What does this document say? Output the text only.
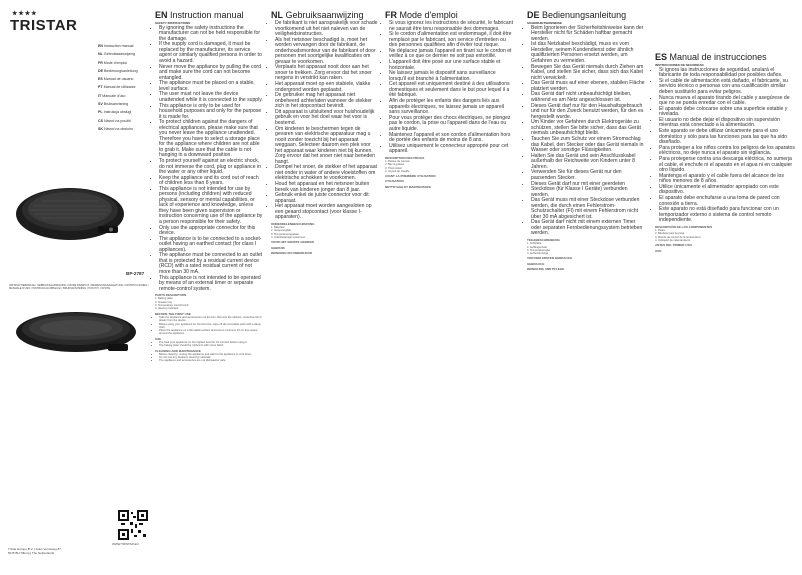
★★★★
TRISTAR
EN Instruction manual
NL Gebruiksaanwijzing
FR Mode d'emploi
DE Bedienungsanleitung
ES Manual de usuario
PT Manual de utilizador
IT Manuale d'uso
SV Bruksanvisning
PL Instrukcja obsługi
CS Návod na použití
SK Návod na obsluhu
BP-2787
INSTRUCTIEBOEKJE / GEBRUIKSAANWIJZING / MODE D'EMPLOI / BEDIENUNGSANLEITUNG / INSTRUCCIONES / MANUALE D'USO / INSTRUKCJA OBSŁUGI / BRUKSANVISNING / POKYNY / UPUTE
WWW.TRISTAR.EU
Tristar Europe B.V. | Jules Verneweg 87
5015 BH Tilburg | The Netherlands
EN Instruction manual
SAFETY INSTRUCTIONS
• By ignoring the safety instructions the manufacturer can not be held responsible for the damage.
• If the supply cord is damaged, it must be replaced by the manufacturer, its service agent or similarly qualified persons in order to avoid a hazard.
• Never move the appliance by pulling the cord and make sure the cord can not become entangled.
• The appliance must be placed on a stable, level surface.
• The user must not leave the device unattended while it is connected to the supply.
• This appliance is only to be used for household purposes and only for the purpose it is made for.
• To protect children against the dangers of electrical appliances, please make sure that you never leave the appliance unattended. Therefore you have to select a storage place for the appliance where children are not able to grab it. Make sure that the cable is not hanging in a downward position.
• To protect yourself against an electric shock, do not immerse the cord, plug or appliance in the water or any other liquid.
• Keep the appliance and its cord out of reach of children less than 8 years.
• This appliance is not intended for use by persons (including children) with reduced physical, sensory or mental capabilities, or lack of experience and knowledge, unless they have been given supervision or instruction concerning use of the appliance by a person responsible for their safety.
• Only use the appropriate connector for this device.
• The appliance is to be connected to a socket-outlet having an earthed contact (for class I appliances).
• The appliance must be connected to an outlet that is protected by a residual current device (RCD) with a rated residual current of not more than 30 mA.
• This appliance is not intended to be operated by means of an external timer or separate remote-control system.
PARTS DESCRIPTION
1. Baking plate
2. Grease tray
3. Temperature control knob
4. Heat-up indicator
BEFORE THE FIRST USE
• Take the appliance and accessories out the box. Remove the stickers, protective foil or plastic from the device.
• Before using your appliance for the first time, wipe off all removable parts with a damp cloth.
• Place the appliance on a flat stable surface and ensure minimum 10 cm free space around the appliance.
USE
• Pre-heat your appliance on the highest level for 10 minutes before using it.
• The baking plate should be rubbed in with some fat/oil.
CLEANING AND MAINTENANCE
• Before cleaning, unplug the appliance and wait for the appliance to cool down.
• Do not use any abrasive cleaning materials.
• The appliance and accessories are not dishwasher safe.
NL Gebruiksaanwijzing
• De fabrikant is niet aansprakelijk voor schade voortkomend uit het niet naleven van de veiligheidsinstructies.
• Als het netsnoer beschadigd is, moet het worden vervangen door de fabrikant, de onderhoudsmonteur van de fabrikant of door personen met soortgelijke kwalificaties om gevaar te voorkomen.
• Verplaats het apparaat nooit door aan het snoer te trekken. Zorg ervoor dat het snoer nergens in verstrikt kan raken.
• Het apparaat moet op een stabiele, vlakke ondergrond worden geplaatst.
• De gebruiker mag het apparaat niet onbeheerd achterlaten wanneer de stekker zich in het stopcontact bevindt.
• Dit apparaat is uitsluitend voor huishoudelijk gebruik en voor het doel waar het voor is bestemd.
• Om kinderen te beschermen tegen de gevaren van elektrische apparatuur mag u nooit zonder toezicht bij het apparaat weggaan. Selecteer daarom een plek voor het apparaat waar kinderen niet bij kunnen. Zorg ervoor dat het snoer niet naar beneden hangt.
• Dompel het snoer, de stekker of het apparaat niet onder in water of andere vloeistoffen om elektrische schokken te voorkomen.
• Houd het apparaat en het netsnoer buiten bereik van kinderen jonger dan 8 jaar.
• Gebruik enkel de juiste connector voor dit apparaat.
• Het apparaat moet worden aangesloten op een geaard stopcontact (voor klasse I-apparaten).
ONDERDELENBESCHRIJVING
1. Bakplaat
2. Vetopvangbak
3. Temperatuurregelaar
4. Indicatielampje opwarmen
VOOR HET EERSTE GEBRUIK
GEBRUIK
REINIGING EN ONDERHOUD
FR Mode d'emploi
• Si vous ignorez les instructions de sécurité, le fabricant ne saurait être tenu responsable des dommages.
• Si le cordon d'alimentation est endommagé, il doit être remplacé par le fabricant, son service d'entretien ou des personnes qualifiées afin d'éviter tout risque.
• Ne déplacez jamais l'appareil en tirant sur le cordon et veillez à ce que ce dernier ne soit pas entortillé.
• L'appareil doit être posé sur une surface stable et horizontale.
• Ne laissez jamais le dispositif sans surveillance lorsqu'il est branché à l'alimentation.
• Cet appareil est uniquement destiné à des utilisations domestiques et seulement dans le but pour lequel il a été fabriqué.
• Afin de protéger les enfants des dangers liés aux appareils électriques, ne laissez jamais un appareil sans surveillance.
• Pour vous protéger des chocs électriques, ne plongez pas le cordon, la prise ou l'appareil dans de l'eau ou autre liquide.
• Maintenez l'appareil et son cordon d'alimentation hors de portée des enfants de moins de 8 ans.
• Utilisez uniquement le connecteur approprié pour cet appareil.
DESCRIPTION DES PIÈCES
1. Plaque de cuisson
2. Bac à graisse
3. Thermostat
4. Voyant de chauffe
AVANT LA PREMIÈRE UTILISATION
UTILISATION
NETTOYAGE ET MAINTENANCE
DE Bedienungsanleitung
SICHERHEITSHINWEISE
• Beim Ignorieren der Sicherheitshinweise kann der Hersteller nicht für Schäden haftbar gemacht werden.
• Ist das Netzkabel beschädigt, muss es vom Hersteller, seinem Kundendienst oder ähnlich qualifizierten Personen ersetzt werden, um Gefahren zu vermeiden.
• Bewegen Sie das Gerät niemals durch Ziehen am Kabel, und stellen Sie sicher, dass sich das Kabel nicht verwickelt.
• Das Gerät muss auf einer ebenen, stabilen Fläche platziert werden.
• Das Gerät darf nicht unbeaufsichtigt bleiben, während es am Netz angeschlossen ist.
• Dieses Gerät darf nur für den Haushaltsgebrauch und nur für den Zweck benutzt werden, für den es hergestellt wurde.
• Um Kinder vor Gefahren durch Elektrogeräte zu schützen, stellen Sie bitte sicher, dass das Gerät niemals unbeaufsichtigt bleibt.
• Tauchen Sie zum Schutz vor einem Stromschlag das Kabel, den Stecker oder das Gerät niemals in Wasser oder sonstige Flüssigkeiten.
• Halten Sie das Gerät und sein Anschlusskabel außerhalb der Reichweite von Kindern unter 8 Jahren.
• Verwenden Sie für dieses Gerät nur den passenden Stecker.
• Dieses Gerät darf nur mit einer geerdeten Steckdose (für Klasse I Geräte) verbunden werden.
• Das Gerät muss mit einer Steckdose verbunden werden, die durch einen Fehlerstrom-Schutzschalter (FI) mit einem Fehlerstrom nicht über 30 mA abgesichert ist.
• Das Gerät darf nicht mit einem externen Timer oder separaten Fernbedienungssystem betrieben werden.
TEILEBESCHREIBUNG
1. Grillplatte
2. Auffangschale
3. Temperaturregler
4. Aufheizanzeige
VOR DEM ERSTEN GEBRAUCH
GEBRAUCH
REINIGUNG UND PFLEGE
ES Manual de instrucciones
INSTRUCCIONES DE SEGURIDAD
• Si ignora las instrucciones de seguridad, anulará el fabricante de toda responsabilidad por posibles daños.
• Si el cable de alimentación está dañado, el fabricante, su servicio técnico o personas con una cualificación similar deben sustituirlo para evitar peligros.
• Nunca mueva el aparato tirando del cable y asegúrese de que no se pueda enredar con el cable.
• El aparato debe colocarse sobre una superficie estable y nivelada.
• El usuario no debe dejar el dispositivo sin supervisión mientras está conectado a la alimentación.
• Este aparato se debe utilizar únicamente para el uso doméstico y sólo para las funciones para las que ha sido diseñado.
• Para proteger a los niños contra los peligros de los aparatos eléctricos, no deje nunca el aparato sin vigilancia.
• Para protegerse contra una descarga eléctrica, no sumerja el cable, el enchufe ni el aparato en el agua ni en cualquier otro líquido.
• Mantenga el aparato y el cable fuera del alcance de los niños menores de 8 años.
• Utilice únicamente el alimentador apropiado con este dispositivo.
• El aparato debe enchufarse a una toma de pared con conexión a tierra.
• Este aparato no está diseñado para funcionar con un temporizador externo o sistema de control remoto independiente.
DESCRIPCIÓN DE LOS COMPONENTES
1. Placa
2. Bandeja para la grasa
3. Mando de control de la temperatura
4. Indicador de calentamiento
ANTES DEL PRIMER USO
USO
